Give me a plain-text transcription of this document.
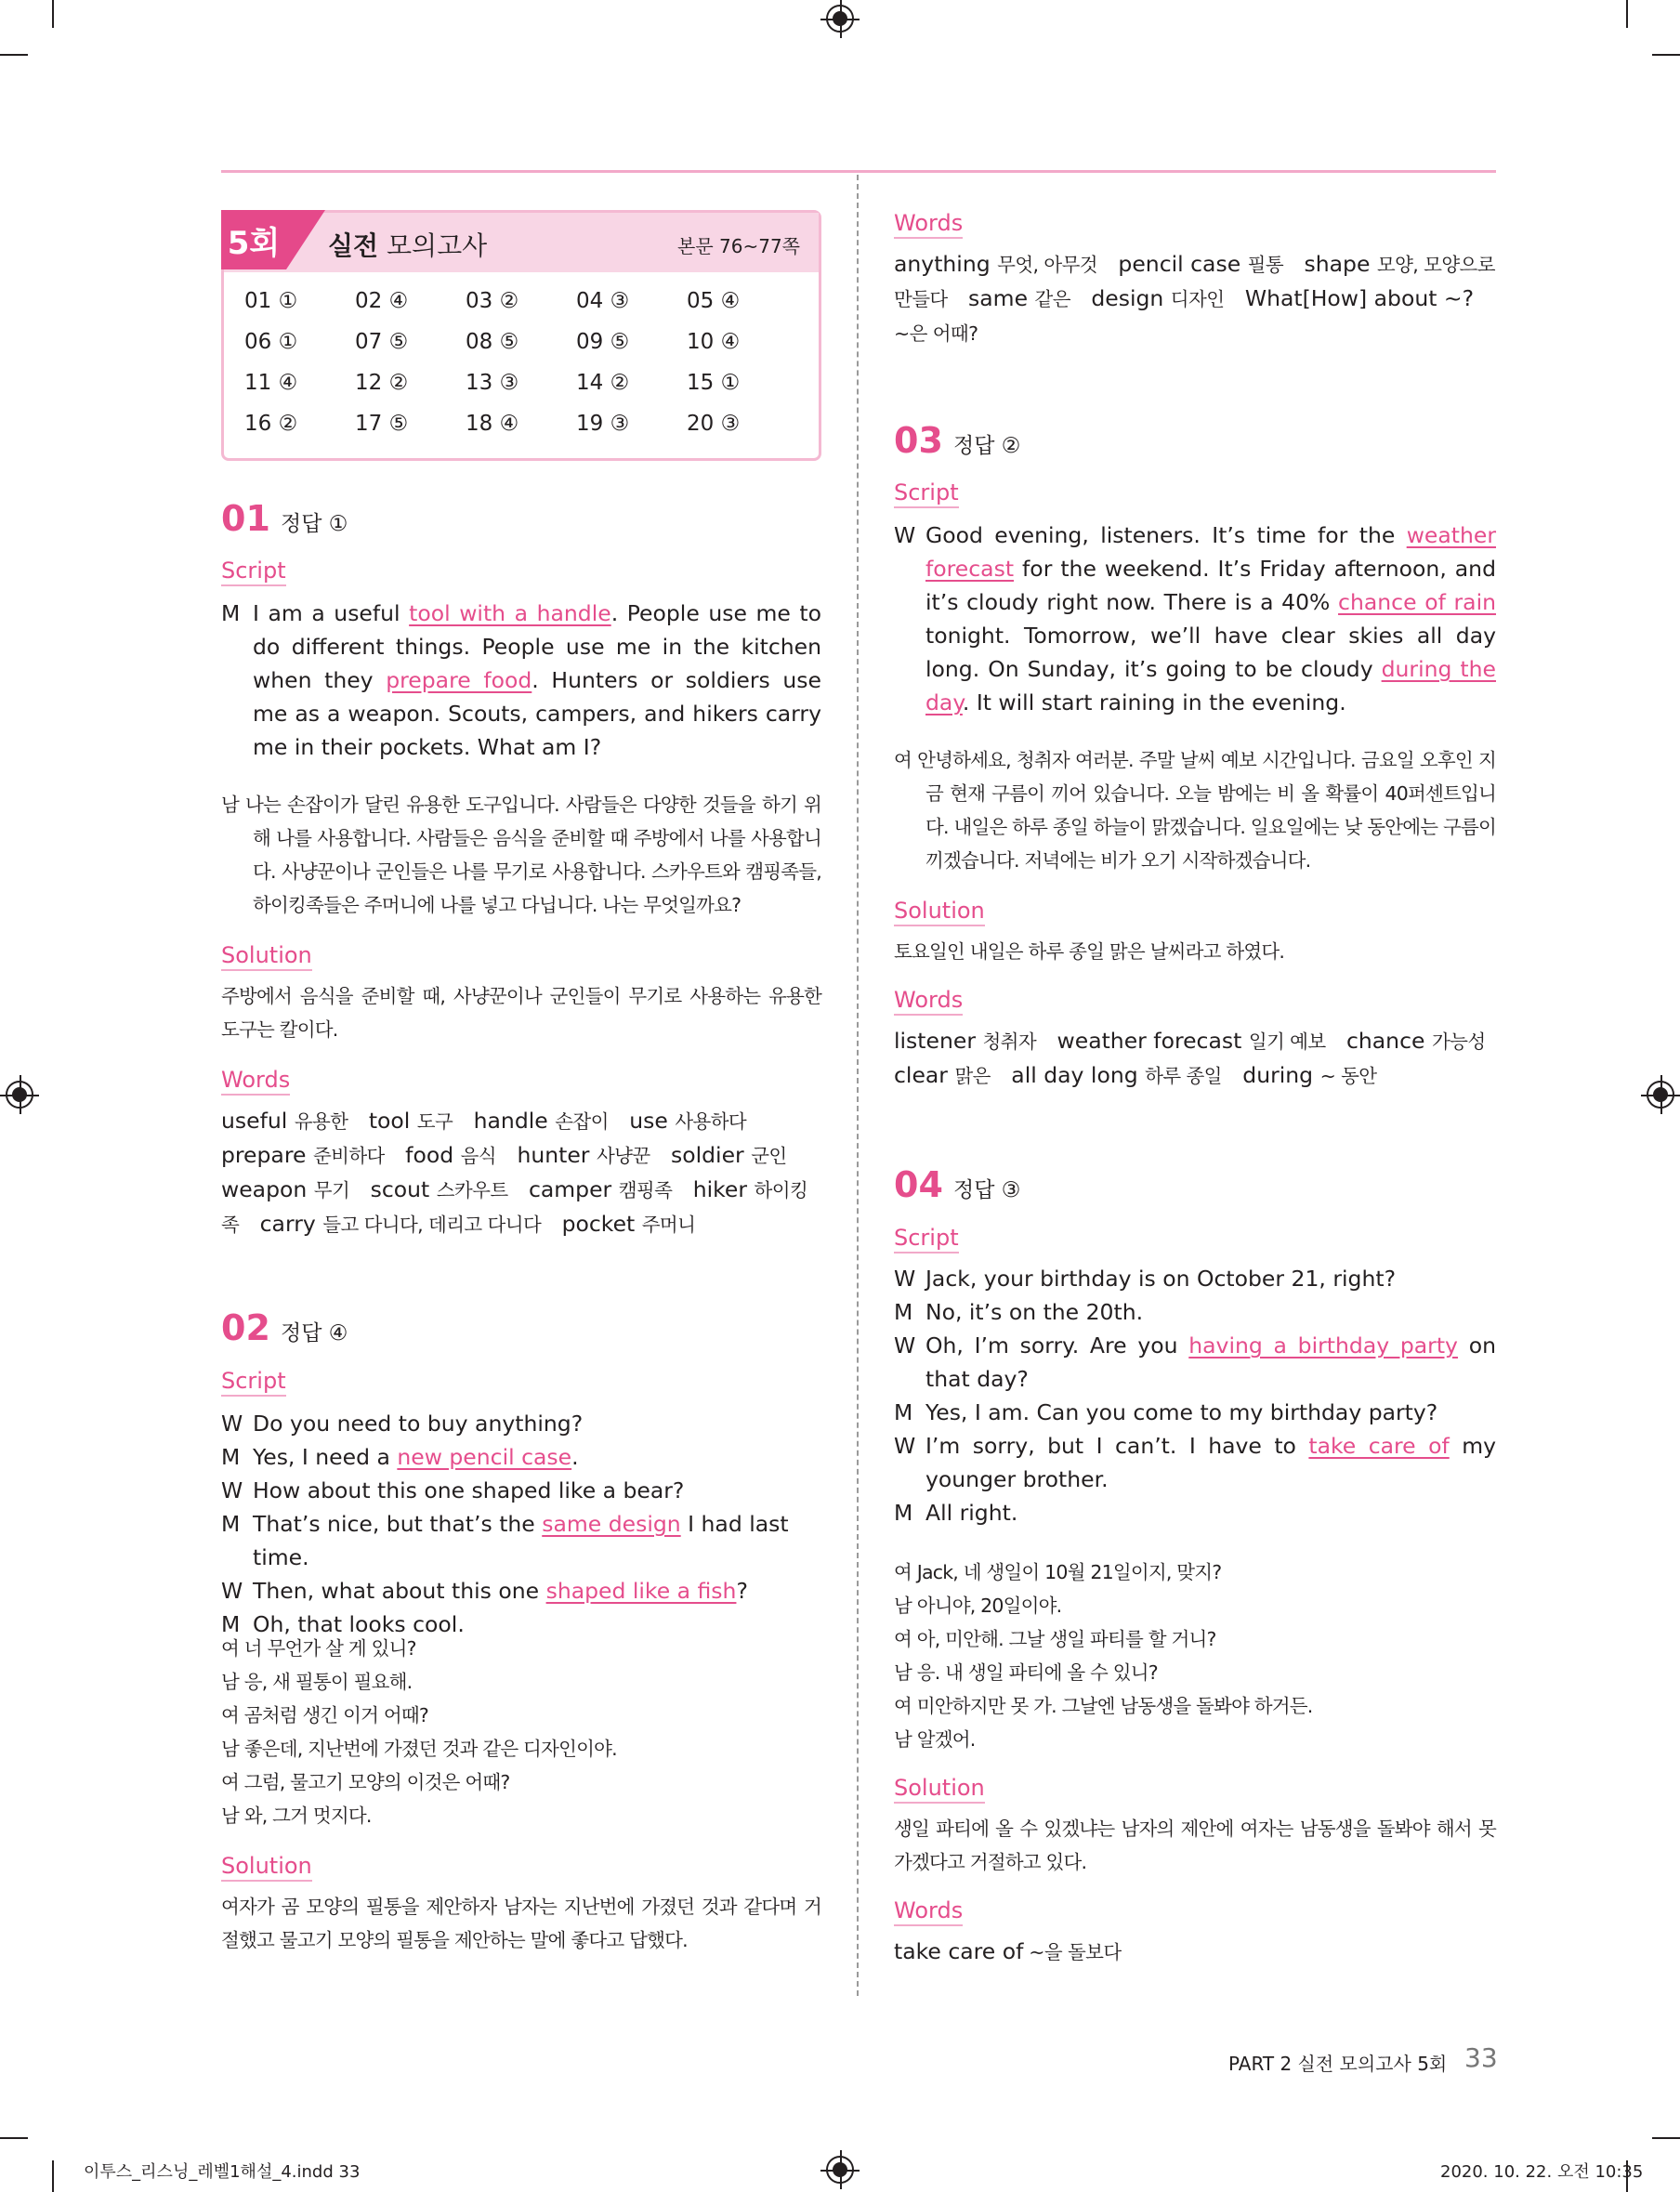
5회 실전 모의고사	본문 76~77쪽
01 ①	02 ④	03 ②	04 ③	05 ④
06 ①	07 ⑤	08 ⑤	09 ⑤	10 ④
11 ④	12 ②	13 ③	14 ②	15 ①
16 ②	17 ⑤	18 ④	19 ③	20 ③
01 정답 ①
Script
M I am a useful tool with a handle. People use me to do different things. People use me in the kitchen when they prepare food. Hunters or soldiers use me as a weapon. Scouts, campers, and hikers carry me in their pockets. What am I?
남 나는 손잡이가 달린 유용한 도구입니다. 사람들은 다양한 것들을 하기 위해 나를 사용합니다. 사람들은 음식을 준비할 때 주방에서 나를 사용합니다. 사냥꾼이나 군인들은 나를 무기로 사용합니다. 스카우트와 캠핑족들, 하이킹족들은 주머니에 나를 넣고 다닙니다. 나는 무엇일까요?
Solution
주방에서 음식을 준비할 때, 사냥꾼이나 군인들이 무기로 사용하는 유용한 도구는 칼이다.
Words
useful 유용한 tool 도구 handle 손잡이 use 사용하다   prepare 준비하다 food 음식 hunter 사냥꾼 soldier 군인   weapon 무기 scout 스카우트 camper 캠핑족 hiker 하이킹족 carry 들고 다니다, 데리고 다니다 pocket 주머니
02 정답 ④
Script
W Do you need to buy anything?
M Yes, I need a new pencil case.
W How about this one shaped like a bear?
M That’s nice, but that’s the same design I had last time.
W Then, what about this one shaped like a fish?
M Oh, that looks cool.
여 너 무언가 살 게 있니?
남 응, 새 필통이 필요해.
여 곰처럼 생긴 이거 어때?
남 좋은데, 지난번에 가졌던 것과 같은 디자인이야.
여 그럼, 물고기 모양의 이것은 어때?
남 와, 그거 멋지다.
Solution
여자가 곰 모양의 필통을 제안하자 남자는 지난번에 가졌던 것과 같다며 거절했고 물고기 모양의 필통을 제안하는 말에 좋다고 답했다.
Words
anything 무엇, 아무것 pencil case 필통 shape 모양, 모양으로 만들다 same 같은 design 디자인 What[How] about ~? ~은 어때?
03 정답 ②
Script
W Good evening, listeners. It’s time for the weather forecast for the weekend. It’s Friday afternoon, and it’s cloudy right now. There is a 40% chance of rain tonight. Tomorrow, we’ll have clear skies all day long. On Sunday, it’s going to be cloudy during the day. It will start raining in the evening.
여 안녕하세요, 청취자 여러분. 주말 날씨 예보 시간입니다. 금요일 오후인 지금 현재 구름이 끼어 있습니다. 오늘 밤에는 비 올 확률이 40퍼센트입니다. 내일은 하루 종일 하늘이 맑겠습니다. 일요일에는 낮 동안에는 구름이 끼겠습니다. 저녁에는 비가 오기 시작하겠습니다.
Solution
토요일인 내일은 하루 종일 맑은 날씨라고 하였다.
Words
listener 청취자 weather forecast 일기 예보 chance 가능성
clear 맑은 all day long 하루 종일 during ~ 동안
04 정답 ③
Script
W Jack, your birthday is on October 21, right?
M No, it’s on the 20th.
W Oh, I’m sorry. Are you having a birthday party on that day?
M Yes, I am. Can you come to my birthday party?
W I’m sorry, but I can’t. I have to take care of my younger brother.
M All right.
여 Jack, 네 생일이 10월 21일이지, 맞지?
남 아니야, 20일이야.
여 아, 미안해. 그날 생일 파티를 할 거니?
남 응. 내 생일 파티에 올 수 있니?
여 미안하지만 못 가. 그날엔 남동생을 돌봐야 하거든.
남 알겠어.
Solution
생일 파티에 올 수 있겠냐는 남자의 제안에 여자는 남동생을 돌봐야 해서 못 가겠다고 거절하고 있다.
Words
take care of ~을 돌보다
PART 2 실전 모의고사 5회 33
이투스_리스닝_레벨1해설_4.indd 33	2020. 10. 22. 오전 10:35
